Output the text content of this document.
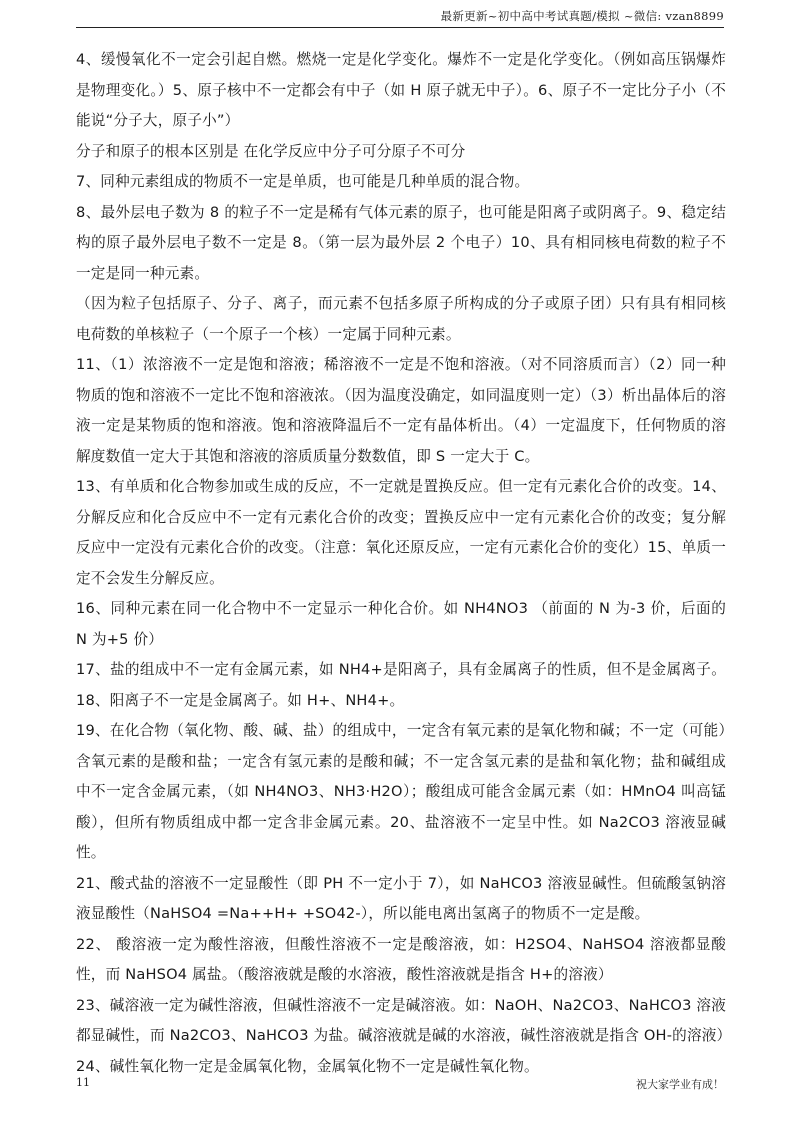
最新更新~初中高中考试真题/模拟 ~微信: vzan8899

4、缓慢氧化不一定会引起自燃。燃烧一定是化学变化。爆炸不一定是化学变化。（例如高压锅爆炸是物理变化。）5、原子核中不一定都会有中子（如 H 原子就无中子）。6、原子不一定比分子小（不能说“分子大，原子小”）

分子和原子的根本区别是 在化学反应中分子可分原子不可分

7、同种元素组成的物质不一定是单质，也可能是几种单质的混合物。

8、最外层电子数为 8 的粒子不一定是稀有气体元素的原子，也可能是阳离子或阴离子。9、稳定结构的原子最外层电子数不一定是 8。（第一层为最外层 2 个电子）10、具有相同核电荷数的粒子不一定是同一种元素。

（因为粒子包括原子、分子、离子，而元素不包括多原子所构成的分子或原子团）只有具有相同核电荷数的单核粒子（一个原子一个核）一定属于同种元素。

11、（1）浓溶液不一定是饱和溶液；稀溶液不一定是不饱和溶液。（对不同溶质而言）（2）同一种物质的饱和溶液不一定比不饱和溶液浓。（因为温度没确定，如同温度则一定）（3）析出晶体后的溶液一定是某物质的饱和溶液。饱和溶液降温后不一定有晶体析出。（4）一定温度下，任何物质的溶解度数值一定大于其饱和溶液的溶质质量分数数值，即 S 一定大于 C。

13、有单质和化合物参加或生成的反应，不一定就是置换反应。但一定有元素化合价的改变。14、分解反应和化合反应中不一定有元素化合价的改变；置换反应中一定有元素化合价的改变；复分解反应中一定没有元素化合价的改变。（注意：氧化还原反应，一定有元素化合价的变化）15、单质一定不会发生分解反应。

16、同种元素在同一化合物中不一定显示一种化合价。如 NH4NO3 （前面的 N 为-3 价，后面的 N 为+5 价）

17、盐的组成中不一定有金属元素，如 NH4+是阳离子，具有金属离子的性质，但不是金属离子。18、阳离子不一定是金属离子。如 H+、NH4+。

19、在化合物（氧化物、酸、碱、盐）的组成中，一定含有氧元素的是氧化物和碱；不一定（可能）含氧元素的是酸和盐；一定含有氢元素的是酸和碱；不一定含氢元素的是盐和氧化物；盐和碱组成中不一定含金属元素，（如 NH4NO3、NH3·H2O）；酸组成可能含金属元素（如：HMnO4 叫高锰酸），但所有物质组成中都一定含非金属元素。20、盐溶液不一定呈中性。如 Na2CO3 溶液显碱性。

21、酸式盐的溶液不一定显酸性（即 PH 不一定小于 7），如 NaHCO3 溶液显碱性。但硫酸氢钠溶液显酸性（NaHSO4 =Na++H+ +SO42-），所以能电离出氢离子的物质不一定是酸。

22、 酸溶液一定为酸性溶液，但酸性溶液不一定是酸溶液，如：H2SO4、NaHSO4 溶液都显酸性，而 NaHSO4 属盐。（酸溶液就是酸的水溶液，酸性溶液就是指含 H+的溶液）

23、碱溶液一定为碱性溶液，但碱性溶液不一定是碱溶液。如：NaOH、Na2CO3、NaHCO3 溶液都显碱性，而 Na2CO3、NaHCO3 为盐。碱溶液就是碱的水溶液，碱性溶液就是指含 OH-的溶液）

24、碱性氧化物一定是金属氧化物，金属氧化物不一定是碱性氧化物。

11	祝大家学业有成！
